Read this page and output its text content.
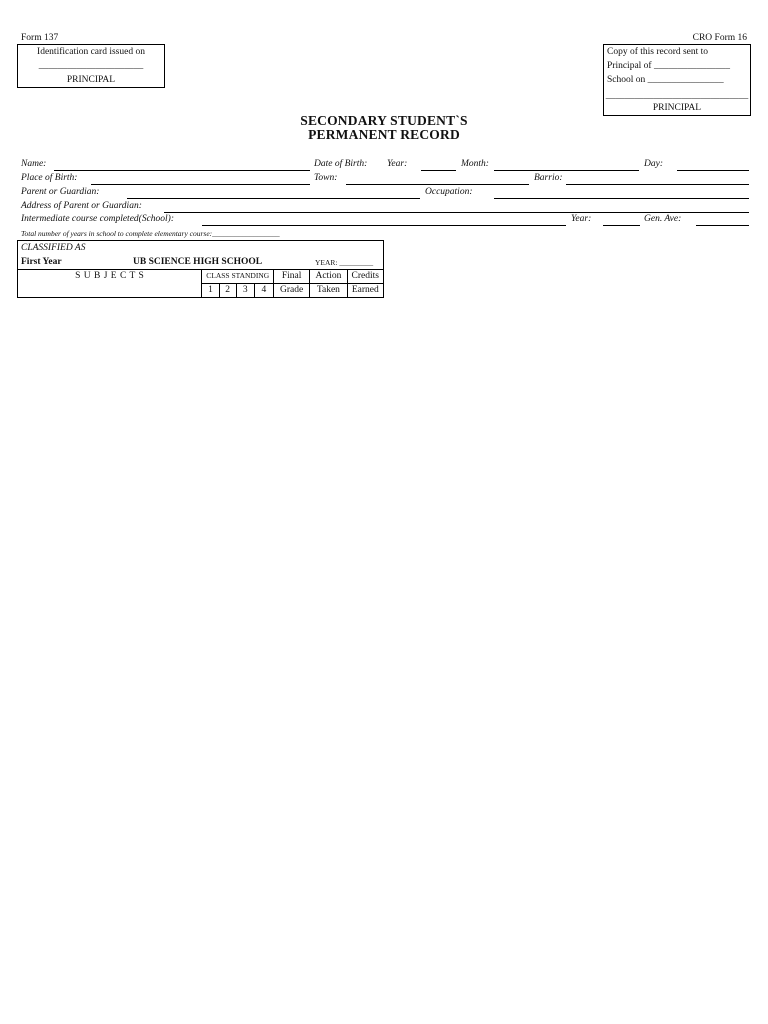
Form 137	CRO Form 16
Identification card issued on
______________________
PRINCIPAL
Copy of this record sent to
Principal of ________________
School on ________________
______________________________
PRINCIPAL
SECONDARY STUDENT`S
PERMANENT RECORD
Name:	Date of Birth: Year:	Month:	Day:
Place of Birth:	Town:	Barrio:
Parent or Guardian:	Occupation:
Address of Parent or Guardian:
Intermediate course completed(School):	Year:	Gen. Ave:
Total number of years in school to complete elementary course:__________________
CLASSIFIED AS							

First Year UB SCIENCE HIGH SCHOOL YEAR: _________							

S U B J E C T S	CLASS STANDING				Final	Action	Credits
	1	2	3	4	Grade	Taken	Earned
